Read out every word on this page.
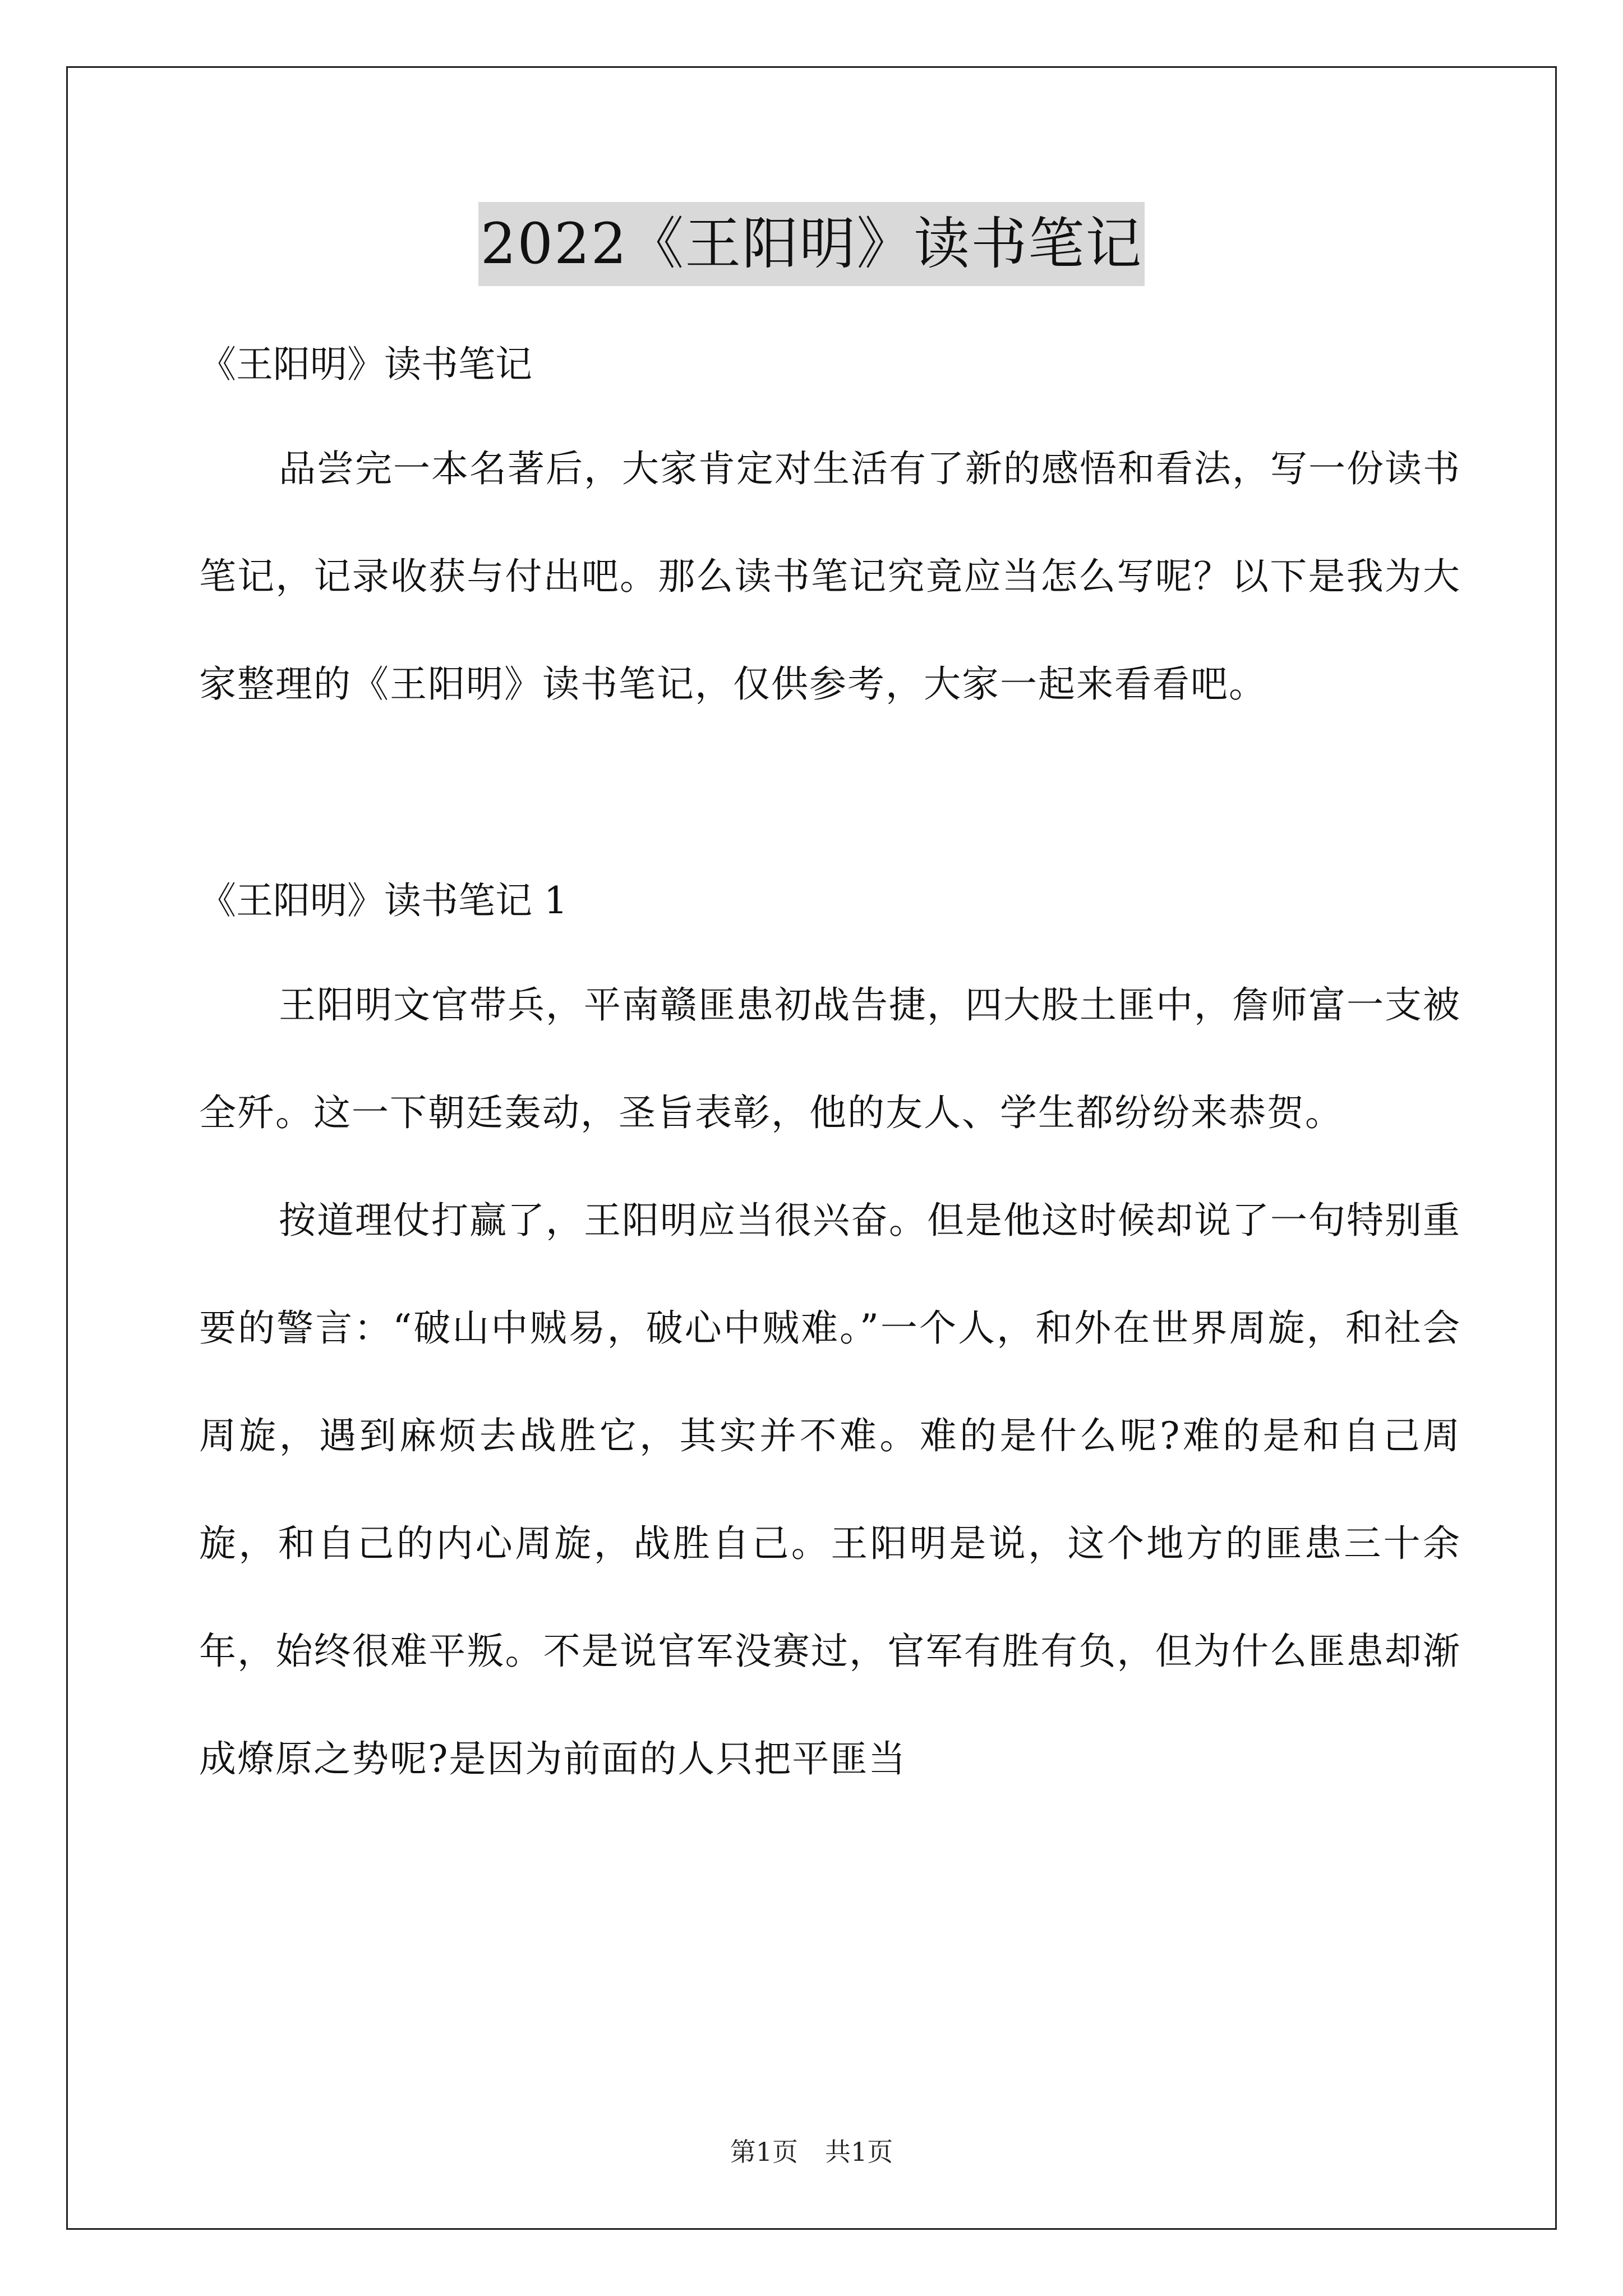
2022《王阳明》读书笔记

《王阳明》读书笔记

品尝完一本名著后，大家肯定对生活有了新的感悟和看法，写一份读书笔记，记录收获与付出吧。那么读书笔记究竟应当怎么写呢？以下是我为大家整理的《王阳明》读书笔记，仅供参考，大家一起来看看吧。

《王阳明》读书笔记 1

王阳明文官带兵，平南赣匪患初战告捷，四大股土匪中，詹师富一支被全歼。这一下朝廷轰动，圣旨表彰，他的友人、学生都纷纷来恭贺。

按道理仗打赢了，王阳明应当很兴奋。但是他这时候却说了一句特别重要的警言：“破山中贼易，破心中贼难。”一个人，和外在世界周旋，和社会周旋，遇到麻烦去战胜它，其实并不难。难的是什么呢?难的是和自己周旋，和自己的内心周旋，战胜自己。王阳明是说，这个地方的匪患三十余年，始终很难平叛。不是说官军没赛过，官军有胜有负，但为什么匪患却渐成燎原之势呢?是因为前面的人只把平匪当

第1页 共1页
